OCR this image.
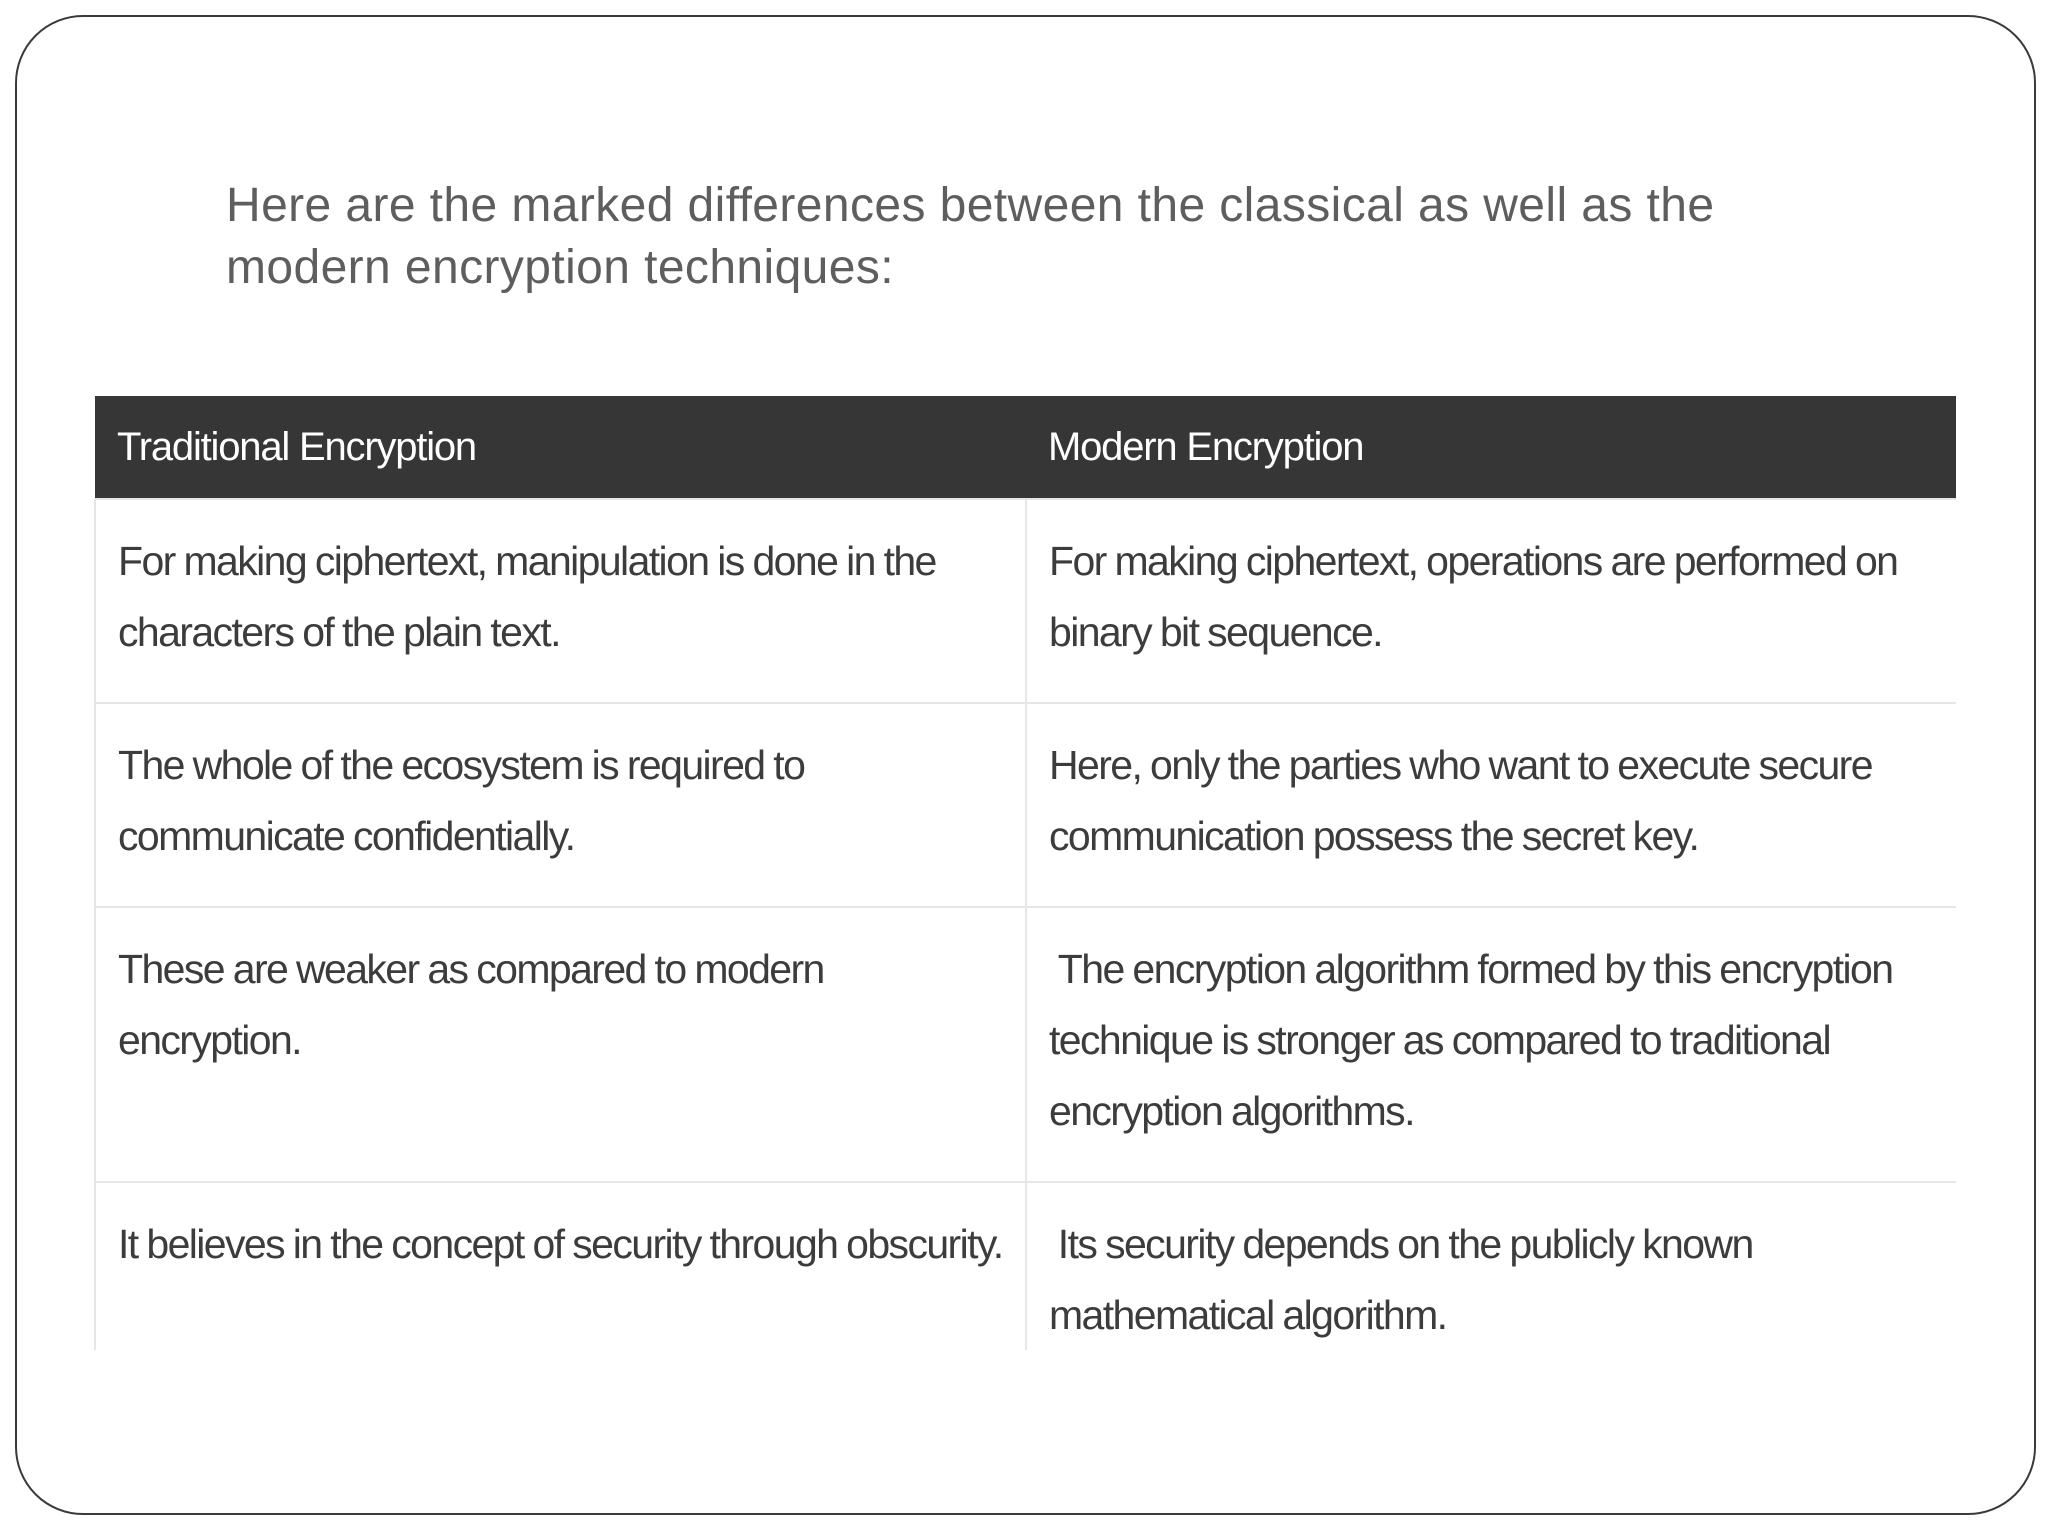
Here are the marked differences between the classical as well as the modern encryption techniques:

Traditional Encryption	Modern Encryption
For making ciphertext, manipulation is done in the characters of the plain text.	For making ciphertext, operations are performed on binary bit sequence.
The whole of the ecosystem is required to communicate confidentially.	Here, only the parties who want to execute secure communication possess the secret key.
These are weaker as compared to modern encryption.	The encryption algorithm formed by this encryption technique is stronger as compared to traditional encryption algorithms.
It believes in the concept of security through obscurity.	Its security depends on the publicly known mathematical algorithm.
